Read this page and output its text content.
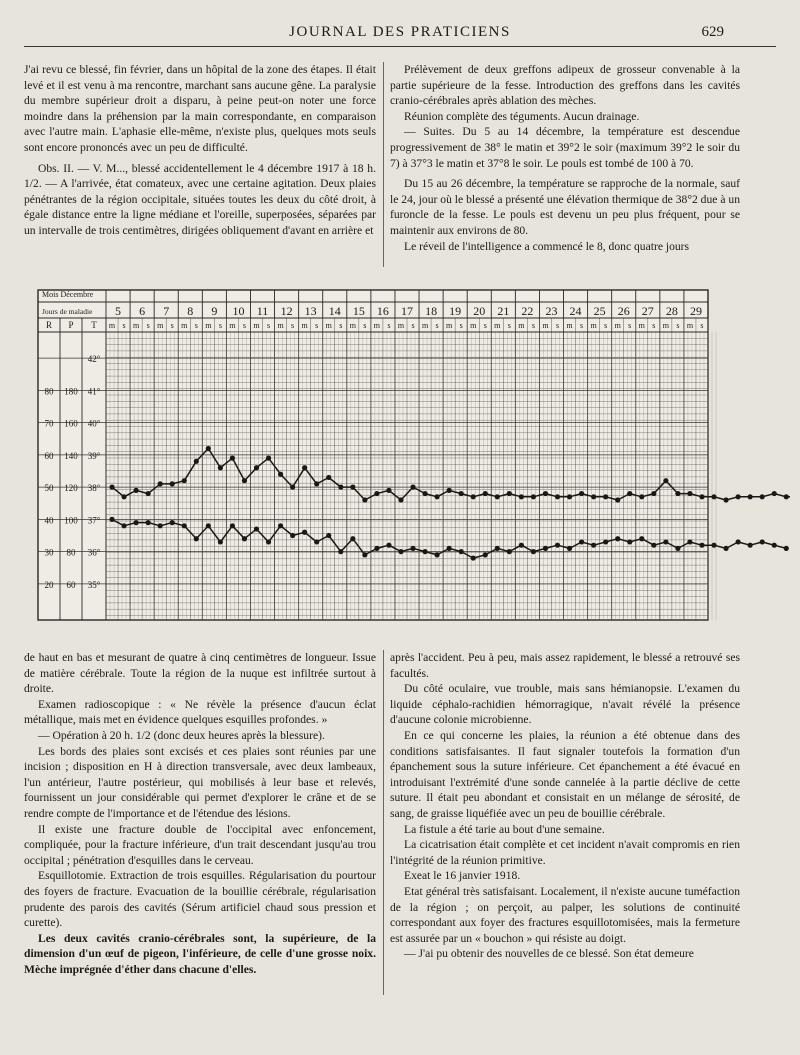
JOURNAL DES PRATICIENS	629

J'ai revu ce blessé, fin février, dans un hôpital de la zone des étapes. Il était levé et il est venu à ma rencontre, marchant sans aucune gêne. La paralysie du membre supérieur droit a disparu, à peine peut-on noter une force moindre dans la préhension par la main correspondante, en comparaison avec l'autre main. L'aphasie elle-même, n'existe plus, quelques mots seuls sont encore prononcés avec un peu de difficulté.

Obs. II. — V. M..., blessé accidentellement le 4 décembre 1917 à 18 h. 1/2. — A l'arrivée, état comateux, avec une certaine agitation. Deux plaies pénétrantes de la région occipitale, situées toutes les deux du côté droit, à égale distance entre la ligne médiane et l'oreille, superposées, séparées par un intervalle de trois centimètres, dirigées obliquement d'avant en arrière et

Prélèvement de deux greffons adipeux de grosseur convenable à la partie supérieure de la fesse. Introduction des greffons dans les cavités cranio-cérébrales après ablation des mèches.

Réunion complète des téguments. Aucun drainage.

— Suites. Du 5 au 14 décembre, la température est descendue progressivement de 38° le matin et 39°2 le soir (maximum 39°2 le soir du 7) à 37°3 le matin et 37°8 le soir. Le pouls est tombé de 100 à 70.

Du 15 au 26 décembre, la température se rapproche de la normale, sauf le 24, jour où le blessé a présenté une élévation thermique de 38°2 due à un furoncle de la fesse. Le pouls est devenu un peu plus fréquent, pour se maintenir aux environs de 80.

Le réveil de l'intelligence a commencé le 8, donc quatre jours

Mois Décembre
Jours de maladie
R P T
5
m s
6
m s
7
m s
8
m s
9
m s
10
m s
11
m s
12
m s
13
m s
14
m s
15
m s
16
m s
17
m s
18
m s
19
m s
20
m s
21
m s
22
m s
23
m s
24
m s
25
m s
26
m s
27
m s
28
m s
29
m s
42°
41°
40°
39°
38°
37°
36°
35°
180
160
140
120
100
80
60
80
70
60
50
40
30
20

de haut en bas et mesurant de quatre à cinq centimètres de longueur. Issue de matière cérébrale. Toute la région de la nuque est infiltrée surtout à droite.

Examen radioscopique : « Ne révèle la présence d'aucun éclat métallique, mais met en évidence quelques esquilles profondes. »

— Opération à 20 h. 1/2 (donc deux heures après la blessure).

Les bords des plaies sont excisés et ces plaies sont réunies par une incision ; disposition en H à direction transversale, avec deux lambeaux, l'un antérieur, l'autre postérieur, qui mobilisés à leur base et relevés, fournissent un jour considérable qui permet d'explorer le crâne et de se rendre compte de l'importance et de l'étendue des lésions.

Il existe une fracture double de l'occipital avec enfoncement, compliquée, pour la fracture inférieure, d'un trait descendant jusqu'au trou occipital ; pénétration d'esquilles dans le cerveau.

Esquillotomie. Extraction de trois esquilles. Régularisation du pourtour des foyers de fracture. Evacuation de la bouillie cérébrale, régularisation prudente des parois des cavités (Sérum artificiel chaud sous pression et curette).

Les deux cavités cranio-cérébrales sont, la supérieure, de la dimension d'un œuf de pigeon, l'inférieure, de celle d'une grosse noix. Mèche imprégnée d'éther dans chacune d'elles.

après l'accident. Peu à peu, mais assez rapidement, le blessé a retrouvé ses facultés.

Du côté oculaire, vue trouble, mais sans hémianopsie. L'examen du liquide céphalo-rachidien hémorragique, n'avait révélé la présence d'aucune colonie microbienne.

En ce qui concerne les plaies, la réunion a été obtenue dans des conditions satisfaisantes. Il faut signaler toutefois la formation d'un épanchement sous la suture inférieure. Cet épanchement a été évacué en introduisant l'extrémité d'une sonde cannelée à la partie déclive de cette suture. Il était peu abondant et consistait en un mélange de sérosité, de sang, de graisse liquéfiée avec un peu de bouillie cérébrale.

La fistule a été tarie au bout d'une semaine.

La cicatrisation était complète et cet incident n'avait compromis en rien l'intégrité de la réunion primitive.

Exeat le 16 janvier 1918.

Etat général très satisfaisant. Localement, il n'existe aucune tuméfaction de la région ; on perçoit, au palper, les solutions de continuité correspondant aux foyer des fractures esquillotomisées, mais la fermeture est assurée par un « bouchon » qui résiste au doigt.

— J'ai pu obtenir des nouvelles de ce blessé. Son état demeure
